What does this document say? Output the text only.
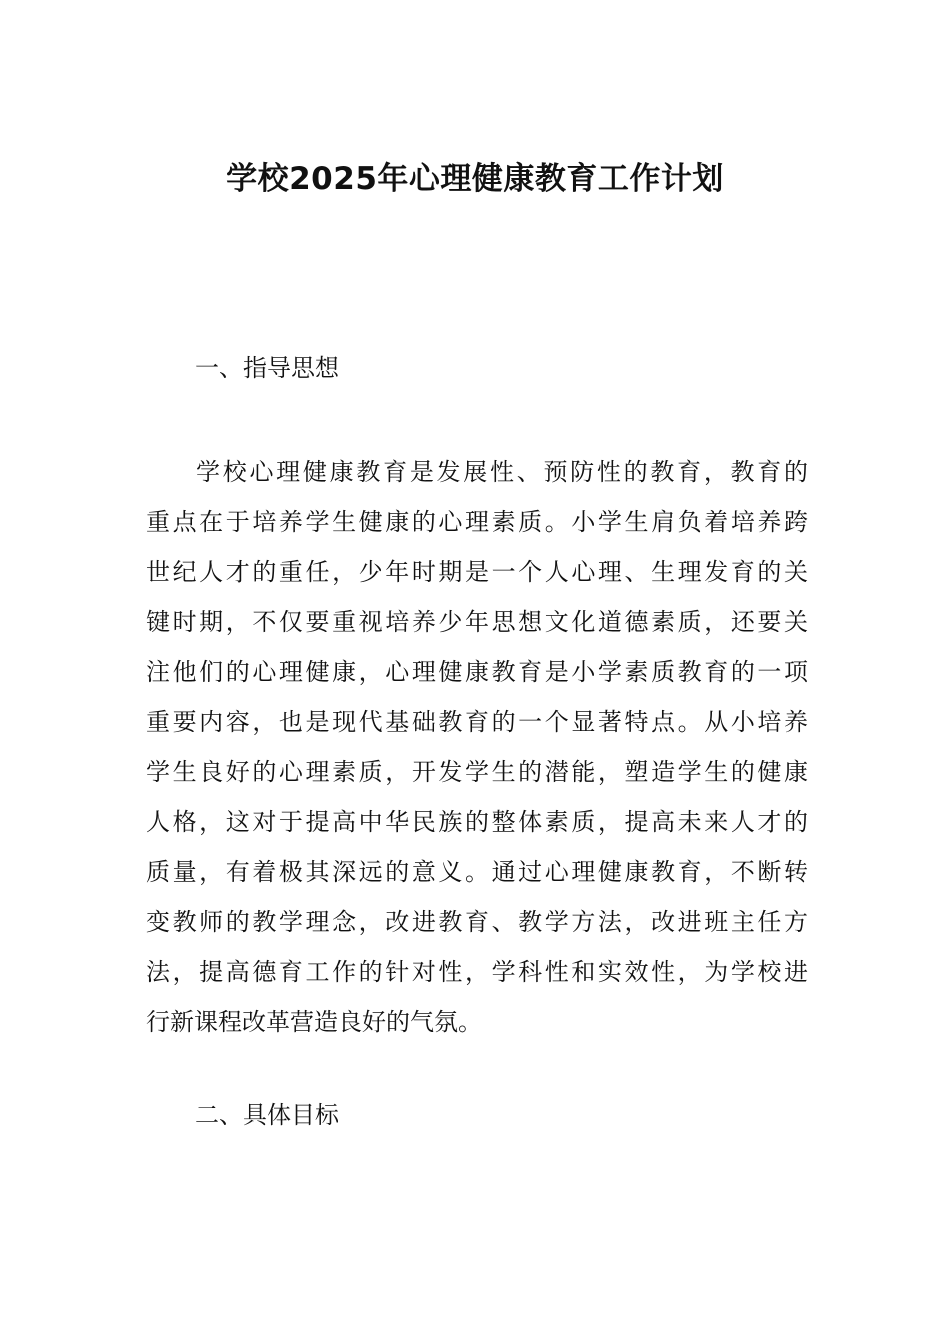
学校2025年心理健康教育工作计划
一、指导思想
学校心理健康教育是发展性、预防性的教育，教育的
重点在于培养学生健康的心理素质。小学生肩负着培养跨
世纪人才的重任，少年时期是一个人心理、生理发育的关
键时期，不仅要重视培养少年思想文化道德素质，还要关
注他们的心理健康，心理健康教育是小学素质教育的一项
重要内容，也是现代基础教育的一个显著特点。从小培养
学生良好的心理素质，开发学生的潜能，塑造学生的健康
人格，这对于提高中华民族的整体素质，提高未来人才的
质量，有着极其深远的意义。通过心理健康教育，不断转
变教师的教学理念，改进教育、教学方法，改进班主任方
法，提高德育工作的针对性，学科性和实效性，为学校进
行新课程改革营造良好的气氛。
二、具体目标
